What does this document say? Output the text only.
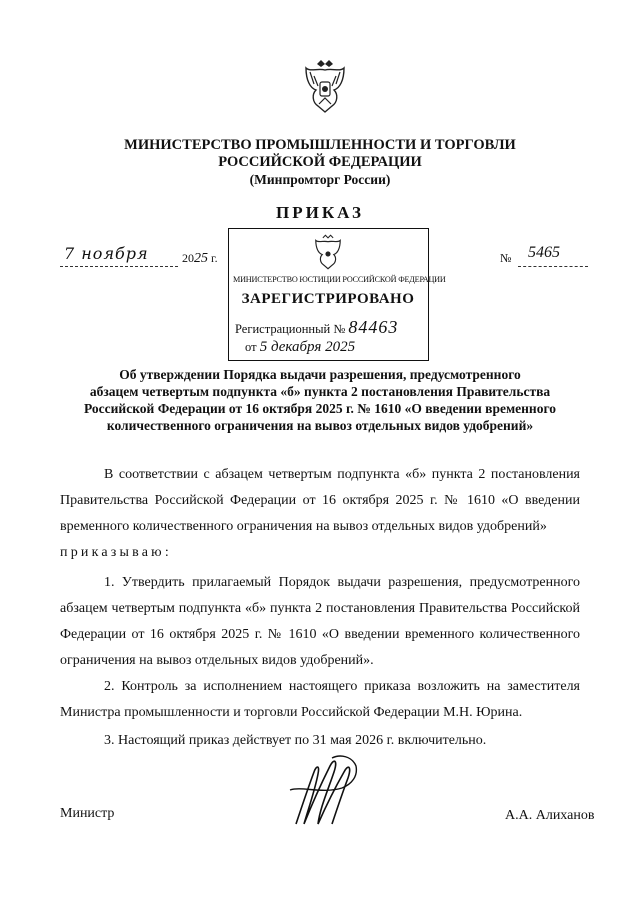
МИНИСТЕРСТВО ПРОМЫШЛЕННОСТИ И ТОРГОВЛИ
РОССИЙСКОЙ ФЕДЕРАЦИИ
(Минпромторг России)
ПРИКАЗ
7 ноября	2025 г.	№ 5465
МИНИСТЕРСТВО ЮСТИЦИИ РОССИЙСКОЙ ФЕДЕРАЦИИ
ЗАРЕГИСТРИРОВАНО
Регистрационный № 84463
от 5 декабря 2025
Об утверждении Порядка выдачи разрешения, предусмотренного
абзацем четвертым подпункта «б» пункта 2 постановления Правительства
Российской Федерации от 16 октября 2025 г. № 1610 «О введении временного
количественного ограничения на вывоз отдельных видов удобрений»
В соответствии с абзацем четвертым подпункта «б» пункта 2 постановления Правительства Российской Федерации от 16 октября 2025 г. № 1610 «О введении временного количественного ограничения на вывоз отдельных видов удобрений»
приказываю:
1. Утвердить прилагаемый Порядок выдачи разрешения, предусмотренного абзацем четвертым подпункта «б» пункта 2 постановления Правительства Российской Федерации от 16 октября 2025 г. № 1610 «О введении временного количественного ограничения на вывоз отдельных видов удобрений».
2. Контроль за исполнением настоящего приказа возложить на заместителя Министра промышленности и торговли Российской Федерации М.Н. Юрина.
3. Настоящий приказ действует по 31 мая 2026 г. включительно.
Министр	А.А. Алиханов
